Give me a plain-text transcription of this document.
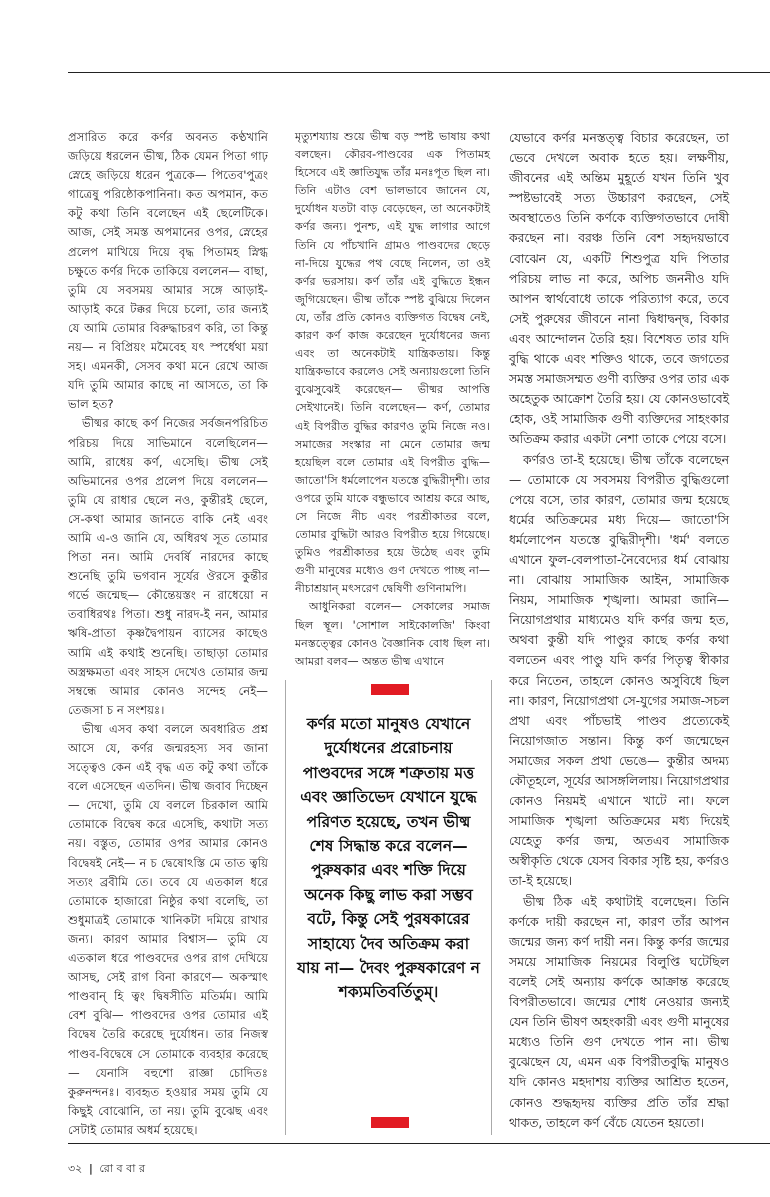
প্রসারিত করে কর্ণর অবনত কণ্ঠখানি জড়িয়ে ধরলেন ভীষ্ম, ঠিক যেমন পিতা গাঢ় স্নেহে জড়িয়ে ধরেন পুত্রকে— পিতেব'পুত্রং গাত্রেষু পরিষ্ঠোকপানিনা। কত অপমান, কত কটু কথা তিনি বলেছেন এই ছেলেটিকে। আজ, সেই সমস্ত অপমানের ওপর, স্নেহের প্রলেপ মাখিয়ে দিয়ে বৃদ্ধ পিতামহ স্নিগ্ধ চক্ষুতে কর্ণর দিকে তাকিয়ে বললেন— বাছা, তুমি যে সবসময় আমার সঙ্গে আড়াই-আড়াই করে টক্কর দিয়ে চলো, তার জন্যই যে আমি তোমার বিরুদ্ধাচরণ করি, তা কিন্তু নয়— ন বিপ্রিয়ং মমৈবেহ যৎ স্পর্ধেথা ময়া সহ। এমনকী, সেসব কথা মনে রেখে আজ যদি তুমি আমার কাছে না আসতে, তা কি ভাল হত?

ভীষ্মর কাছে কর্ণ নিজের সর্বজনপরিচিত পরিচয় দিয়ে সাভিমানে বলেছিলেন— আমি, রাধেয় কর্ণ, এসেছি। ভীষ্ম সেই অভিমানের ওপর প্রলেপ দিয়ে বললেন— তুমি যে রাধার ছেলে নও, কুন্তীরই ছেলে, সে-কথা আমার জানতে বাকি নেই এবং আমি এ-ও জানি যে, অধিরথ সূত তোমার পিতা নন। আমি দেবর্ষি নারদের কাছে শুনেছি তুমি ভগবান সূর্যের ঔরসে কুন্তীর গর্ভে জন্মেছ— কৌন্তেয়স্তং ন রাধেয়ো ন তবাধিরথঃ পিতা। শুধু নারদ-ই নন, আমার ঋষি-প্রাতা কৃষ্ণদ্বৈপায়ন ব্যাসের কাছেও আমি এই কথাই শুনেছি। তাছাড়া তোমার অস্ত্রক্ষমতা এবং সাহস দেখেও তোমার জন্ম সম্বন্ধে আমার কোনও সন্দেহ নেই— তেজসা চ ন সংশয়ঃ।

ভীষ্ম এসব কথা বললে অবধারিত প্রশ্ন আসে যে, কর্ণর জন্মরহস্য সব জানা সত্ত্বেও কেন এই বৃদ্ধ এত কটু কথা তাঁকে বলে এসেছেন এতদিন। ভীষ্ম জবাব দিচ্ছেন— দেখো, তুমি যে বললে চিরকাল আমি তোমাকে বিদ্বেষ করে এসেছি, কথাটা সত্য নয়। বস্তুত, তোমার ওপর আমার কোনও বিদ্বেষই নেই— ন চ দ্বেষোঽস্তি মে তাত ত্বয়ি সত্যং ব্রবীমি তে। তবে যে এতকাল ধরে তোমাকে হাজারো নিষ্ঠুর কথা বলেছি, তা শুধুমাত্রই তোমাকে খানিকটা দমিয়ে রাখার জন্য। কারণ আমার বিশ্বাস— তুমি যে এতকাল ধরে পাণ্ডবদের ওপর রাগ দেখিয়ে আসছ, সেই রাগ বিনা কারণে— অকস্মাৎ পাণ্ডবান্ হি ত্বং দ্বিষসীতি মতির্মম। আমি বেশ বুঝি— পাণ্ডবদের ওপর তোমার এই বিদ্বেষ তৈরি করেছে দুর্যোধন। তার নিজস্ব পাণ্ডব-বিদ্বেষে সে তোমাকে ব্যবহার করেছে— যেনাসি বহুশো রাজ্ঞা চোদিতঃ কুরুনন্দনঃ। ব্যবহৃত হওয়ার সময় তুমি যে কিছুই বোঝোনি, তা নয়। তুমি বুঝেছ এবং সেটাই তোমার অধর্ম হয়েছে।

মৃত্যুশয্যায় শুয়ে ভীষ্ম বড় স্পষ্ট ভাষায় কথা বলছেন। কৌরব-পাণ্ডবের এক পিতামহ হিসেবে এই জ্ঞাতিযুদ্ধ তাঁর মনঃপূত ছিল না। তিনি এটাও বেশ ভালভাবে জানেন যে, দুর্যোধন যতটা বাড় বেড়েছেন, তা অনেকটাই কর্ণর জন্য। পুনশ্চ, এই যুদ্ধ লাগার আগে তিনি যে পাঁচখানি গ্রামও পাণ্ডবদের ছেড়ে না-দিয়ে যুদ্ধের পথ বেছে নিলেন, তা ওই কর্ণর ভরসায়। কর্ণ তাঁর এই বুদ্ধিতে ইন্ধন জুগিয়েছেন। ভীষ্ম তাঁকে স্পষ্ট বুঝিয়ে দিলেন যে, তাঁর প্রতি কোনও ব্যক্তিগত বিদ্বেষ নেই, কারণ কর্ণ কাজ করেছেন দুর্যোধনের জন্য এবং তা অনেকটাই যান্ত্রিকতায়। কিন্তু যান্ত্রিকভাবে করলেও সেই অন্যায়গুলো তিনি বুঝেসুঝেই করেছেন— ভীষ্মর আপত্তি সেইখানেই। তিনি বলেছেন— কর্ণ, তোমার এই বিপরীত বুদ্ধির কারণও তুমি নিজে নও। সমাজের সংস্কার না মেনে তোমার জন্ম হয়েছিল বলে তোমার এই বিপরীত বুদ্ধি— জাতো'সি ধর্মলোপেন যতস্তে বুদ্ধিরীদৃশী। তার ওপরে তুমি যাকে বন্ধুভাবে আশ্রয় করে আছ, সে নিজে নীচ এবং পরশ্রীকাতর বলে, তোমার বুদ্ধিটা আরও বিপরীত হয়ে গিয়েছে। তুমিও পরশ্রীকাতর হয়ে উঠেছ এবং তুমি গুণী মানুষের মধ্যেও গুণ দেখতে পাচ্ছ না— নীচাশ্রয়ান্ মৎসরেণ দ্বেষিণী গুণিনামপি।

আধুনিকরা বলেন— সেকালের সমাজ ছিল স্থূল। 'সোশাল সাইকোলজি' কিংবা মনস্তত্ত্বের কোনও বৈজ্ঞানিক বোধ ছিল না। আমরা বলব— অন্তত ভীষ্ম এখানে

কর্ণর মতো মানুষও যেখানে দুর্যোধনের প্ররোচনায় পাণ্ডবদের সঙ্গে শত্রুতায় মত্ত এবং জ্ঞাতিভেদ যেখানে যুদ্ধে পরিণত হয়েছে, তখন ভীষ্ম শেষ সিদ্ধান্ত করে বলেন— পুরুষকার এবং শক্তি দিয়ে অনেক কিছু লাভ করা সম্ভব বটে, কিন্তু সেই পুরষকারের সাহায্যে দৈব অতিক্রম করা যায় না— দৈবং পুরুষকারেণ ন শক্যমতিবর্তিতুম্।

যেভাবে কর্ণর মনস্তত্ত্ব বিচার করেছেন, তা ভেবে দেখলে অবাক হতে হয়। লক্ষণীয়, জীবনের এই অন্তিম মুহূর্তে যখন তিনি খুব স্পষ্টভাবেই সত্য উচ্চারণ করছেন, সেই অবস্থাতেও তিনি কর্ণকে ব্যক্তিগতভাবে দোষী করছেন না। বরঞ্চ তিনি বেশ সহৃদয়ভাবে বোঝেন যে, একটি শিশুপুত্র যদি পিতার পরিচয় লাভ না করে, অপিচ জননীও যদি আপন স্বার্থবোধে তাকে পরিত্যাগ করে, তবে সেই পুরুষের জীবনে নানা দ্বিধাদ্বন্দ্ব, বিকার এবং আন্দোলন তৈরি হয়। বিশেষত তার যদি বুদ্ধি থাকে এবং শক্তিও থাকে, তবে জগতের সমস্ত সমাজসম্মত গুণী ব্যক্তির ওপর তার এক অহেতুক আক্রোশ তৈরি হয়। যে কোনওভাবেই হোক, ওই সামাজিক গুণী ব্যক্তিদের সাহংকার অতিক্রম করার একটা নেশা তাকে পেয়ে বসে।

কর্ণরও তা-ই হয়েছে। ভীষ্ম তাঁকে বলেছেন— তোমাকে যে সবসময় বিপরীত বুদ্ধিগুলো পেয়ে বসে, তার কারণ, তোমার জন্ম হয়েছে ধর্মের অতিক্রমের মধ্য দিয়ে— জাতো'সি ধর্মলোপেন যতস্তে বুদ্ধিরীদৃশী। 'ধর্ম' বলতে এখানে ফুল-বেলপাতা-নৈবেদ্যের ধর্ম বোঝায় না। বোঝায় সামাজিক আইন, সামাজিক নিয়ম, সামাজিক শৃঙ্খলা। আমরা জানি— নিয়োগপ্রথার মাধ্যমেও যদি কর্ণর জন্ম হত, অথবা কুন্তী যদি পাণ্ডুর কাছে কর্ণর কথা বলতেন এবং পাণ্ডু যদি কর্ণর পিতৃত্ব স্বীকার করে নিতেন, তাহলে কোনও অসুবিধে ছিল না। কারণ, নিয়োগপ্রথা সে-যুগের সমাজ-সচল প্রথা এবং পাঁচভাই পাণ্ডব প্রত্যেকেই নিয়োগজাত সন্তান। কিন্তু কর্ণ জন্মেছেন সমাজের সকল প্রথা ভেঙে— কুন্তীর অদম্য কৌতূহলে, সূর্যের আসঙ্গলিলায়। নিয়োগপ্রথার কোনও নিয়মই এখানে খাটে না। ফলে সামাজিক শৃঙ্খলা অতিক্রমের মধ্য দিয়েই যেহেতু কর্ণর জন্ম, অতএব সামাজিক অস্বীকৃতি থেকে যেসব বিকার সৃষ্টি হয়, কর্ণরও তা-ই হয়েছে।

ভীষ্ম ঠিক এই কথাটাই বলেছেন। তিনি কর্ণকে দায়ী করছেন না, কারণ তাঁর আপন জন্মের জন্য কর্ণ দায়ী নন। কিন্তু কর্ণর জন্মের সময়ে সামাজিক নিয়মের বিলুপ্তি ঘটেছিল বলেই সেই অন্যায় কর্ণকে আক্রান্ত করেছে বিপরীতভাবে। জন্মের শোধ নেওয়ার জন্যই যেন তিনি ভীষণ অহংকারী এবং গুণী মানুষের মধ্যেও তিনি গুণ দেখতে পান না। ভীষ্ম বুঝেছেন যে, এমন এক বিপরীতবুদ্ধি মানুষও যদি কোনও মহদাশয় ব্যক্তির আশ্রিত হতেন, কোনও শুদ্ধহৃদয় ব্যক্তির প্রতি তাঁর শ্রদ্ধা থাকত, তাহলে কর্ণ বেঁচে যেতেন হয়তো।

৩২ | রো ব বা র
